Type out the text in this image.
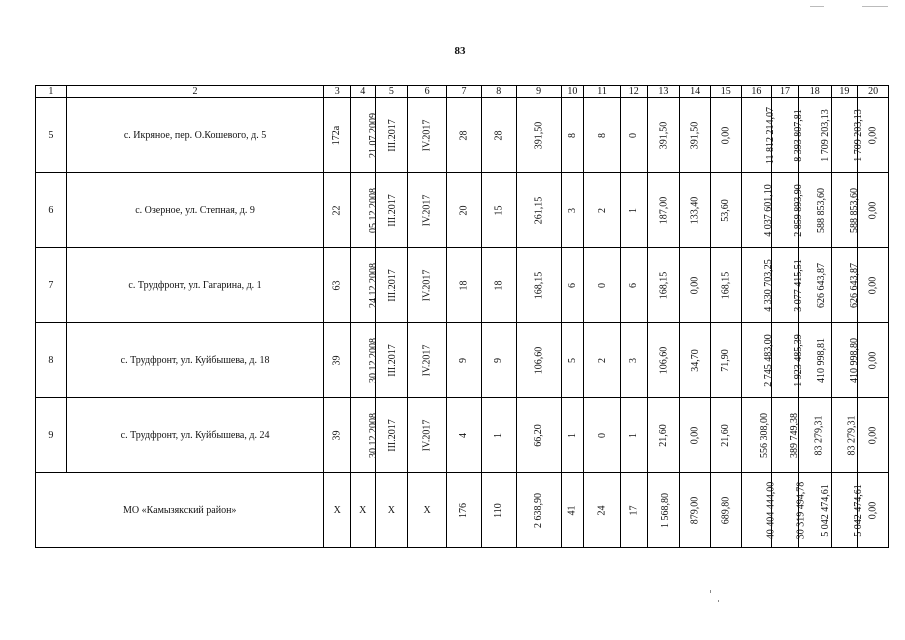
83
1	2	3	4	5	6	7	8	9	10	11	12	13	14	15	16	17	18	19	20
5	с. Икряное, пер. О.Кошевого, д. 5	172а	21.07.2009	III.2017	IV.2017	28	28	391,50	8	8	0	391,50	391,50	0,00	11 812 214,07	8 393 807,81	1 709 203,13	1 709 203,13	0,00
6	с. Озерное, ул. Степная, д. 9	22	05.12.2008	III.2017	IV.2017	20	15	261,15	3	2	1	187,00	133,40	53,60	4 037 601,10	2 859 893,90	588 853,60	588 853,60	0,00
7	с. Трудфронт, ул. Гагарина, д. 1	63	24.12.2008	III.2017	IV.2017	18	18	168,15	6	0	6	168,15	0,00	168,15	4 330 703,25	3 077 415,51	626 643,87	626 643,87	0,00
8	с. Трудфронт, ул. Куйбышева, д. 18	39	30.12.2008	III.2017	IV.2017	9	9	106,60	5	2	3	106,60	34,70	71,90	2 745 483,00	1 923 485,39	410 998,81	410 998,80	0,00
9	с. Трудфронт, ул. Куйбышева, д. 24	39	30.12.2008	III.2017	IV.2017	4	1	66,20	1	0	1	21,60	0,00	21,60	556 308,00	389 749,38	83 279,31	83 279,31	0,00
МО «Камызякский район»		X	X	X	X	176	110	2 638,90	41	24	17	1 568,80	879,00	689,80	40 404 444,00	30 319 494,78	5 042 474,61	5 042 474,61	0,00
